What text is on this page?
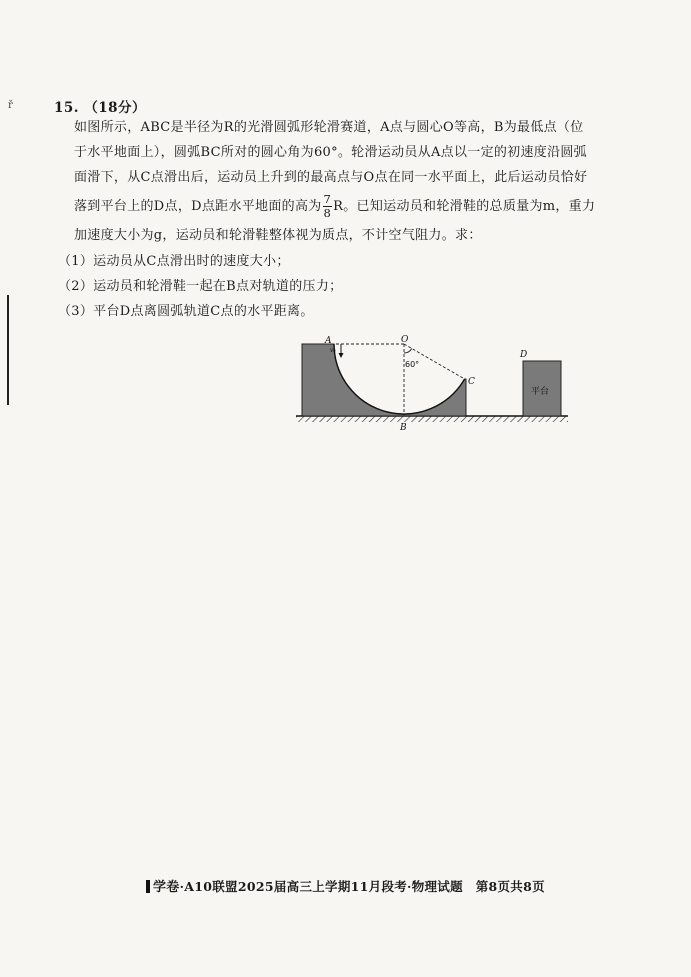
ř	15. （18分）
如图所示，ABC是半径为R的光滑圆弧形轮滑赛道，A点与圆心O等高，B为最低点（位
于水平地面上），圆弧BC所对的圆心角为60°。轮滑运动员从A点以一定的初速度沿圆弧
面滑下，从C点滑出后，运动员上升到的最高点与O点在同一水平面上，此后运动员恰好
落到平台上的D点，D点距水平地面的高为 $\frac{7}{8}$ R。已知运动员和轮滑鞋的总质量为m，重力
加速度大小为g，运动员和轮滑鞋整体视为质点，不计空气阻力。求：
（1）运动员从C点滑出时的速度大小；
（2）运动员和轮滑鞋一起在B点对轨道的压力；
（3）平台D点离圆弧轨道C点的水平距离。
A
v₀
O
60°
C
B
D
平台
学卷·A10联盟2025届高三上学期11月段考·物理试题　第8页共8页
